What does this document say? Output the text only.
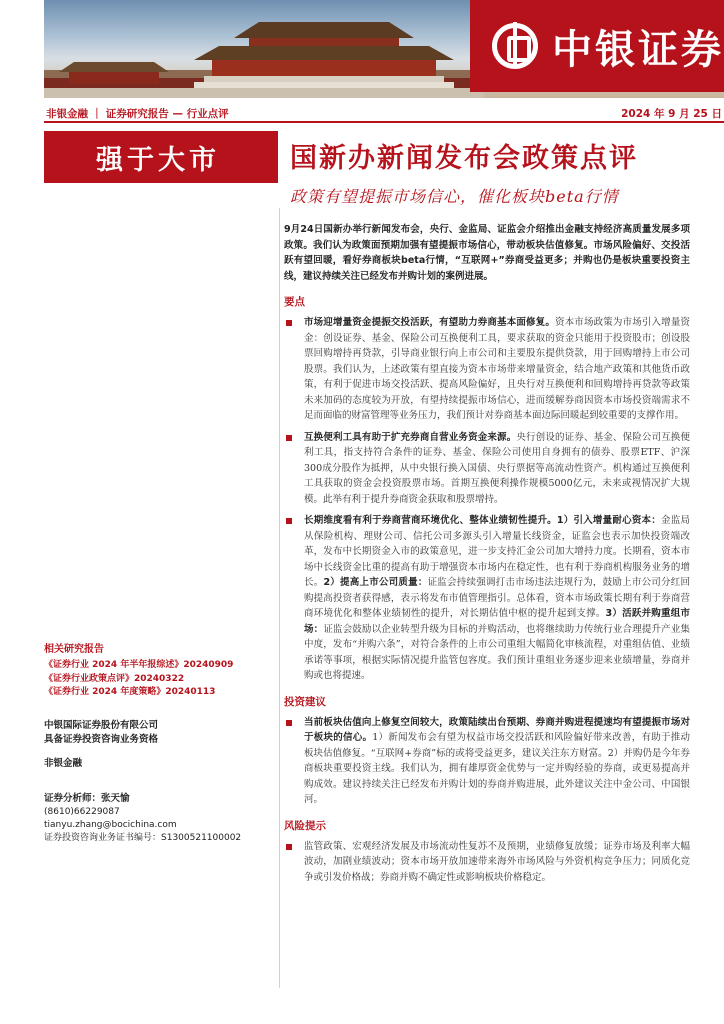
中银证券
非银金融 ｜ 证券研究报告 — 行业点评	2024 年 9 月 25 日
强于大市	国新办新闻发布会政策点评
政策有望提振市场信心，催化板块beta行情
相关研究报告
《证券行业 2024 年半年报综述》20240909
《证券行业政策点评》20240322
《证券行业 2024 年度策略》20240113
中银国际证券股份有限公司
具备证券投资咨询业务资格
非银金融
证券分析师：张天愉
(8610)66229087
tianyu.zhang@bocichina.com
证券投资咨询业务证书编号：S1300521100002
9月24日国新办举行新闻发布会，央行、金监局、证监会介绍推出金融支持经济高质量发展多项政策。我们认为政策面预期加强有望提振市场信心，带动板块估值修复。市场风险偏好、交投活跃有望回暖，看好券商板块beta行情，“互联网+”券商受益更多；并购也仍是板块重要投资主线，建议持续关注已经发布并购计划的案例进展。
要点
市场迎增量资金提振交投活跃，有望助力券商基本面修复。资本市场政策为市场引入增量资金：创设证券、基金、保险公司互换便利工具，要求获取的资金只能用于投资股市；创设股票回购增持再贷款，引导商业银行向上市公司和主要股东提供贷款，用于回购增持上市公司股票。我们认为，上述政策有望直接为资本市场带来增量资金，结合地产政策和其他货币政策，有利于促进市场交投活跃、提高风险偏好，且央行对互换便利和回购增持再贷款等政策未来加码的态度较为开放，有望持续提振市场信心，进而缓解券商因资本市场投资端需求不足而面临的财富管理等业务压力，我们预计对券商基本面边际回暖起到较重要的支撑作用。
互换便利工具有助于扩充券商自营业务资金来源。央行创设的证券、基金、保险公司互换便利工具，指支持符合条件的证券、基金、保险公司使用自身拥有的债券、股票ETF、沪深300成分股作为抵押，从中央银行换入国债、央行票据等高流动性资产。机构通过互换便利工具获取的资金会投资股票市场。首期互换便利操作规模5000亿元，未来或视情况扩大规模。此举有利于提升券商资金获取和股票增持。
长期维度看有利于券商营商环境优化、整体业绩韧性提升。1）引入增量耐心资本：金监局从保险机构、理财公司、信托公司多源头引入增量长线资金，证监会也表示加快投资端改革，发布中长期资金入市的政策意见，进一步支持汇金公司加大增持力度。长期看，资本市场中长线资金比重的提高有助于增强资本市场内在稳定性，也有利于券商机构服务业务的增长。2）提高上市公司质量：证监会持续强调打击市场违法违规行为，鼓励上市公司分红回购提高投资者获得感，表示将发布市值管理指引。总体看，资本市场政策长期有利于券商营商环境优化和整体业绩韧性的提升，对长期估值中枢的提升起到支撑。3）活跃并购重组市场：证监会鼓励以企业转型升级为目标的并购活动，也将继续助力传统行业合理提升产业集中度，发布“并购六条”，对符合条件的上市公司重组大幅简化审核流程，对重组估值、业绩承诺等事项，根据实际情况提升监管包容度。我们预计重组业务逐步迎来业绩增量，券商并购或也将提速。
投资建议
当前板块估值向上修复空间较大，政策陆续出台预期、券商并购进程提速均有望提振市场对于板块的信心。1）新闻发布会有望为权益市场交投活跃和风险偏好带来改善，有助于推动板块估值修复。“互联网+券商”标的或将受益更多，建议关注东方财富。2）并购仍是今年券商板块重要投资主线。我们认为，拥有雄厚资金优势与一定并购经验的券商，或更易提高并购成效。建议持续关注已经发布并购计划的券商并购进展，此外建议关注中金公司、中国银河。
风险提示
监管政策、宏观经济发展及市场流动性复苏不及预期，业绩修复放缓；证券市场及利率大幅波动，加剧业绩波动；资本市场开放加速带来海外市场风险与外资机构竞争压力；同质化竞争或引发价格战；券商并购不确定性或影响板块价格稳定。
